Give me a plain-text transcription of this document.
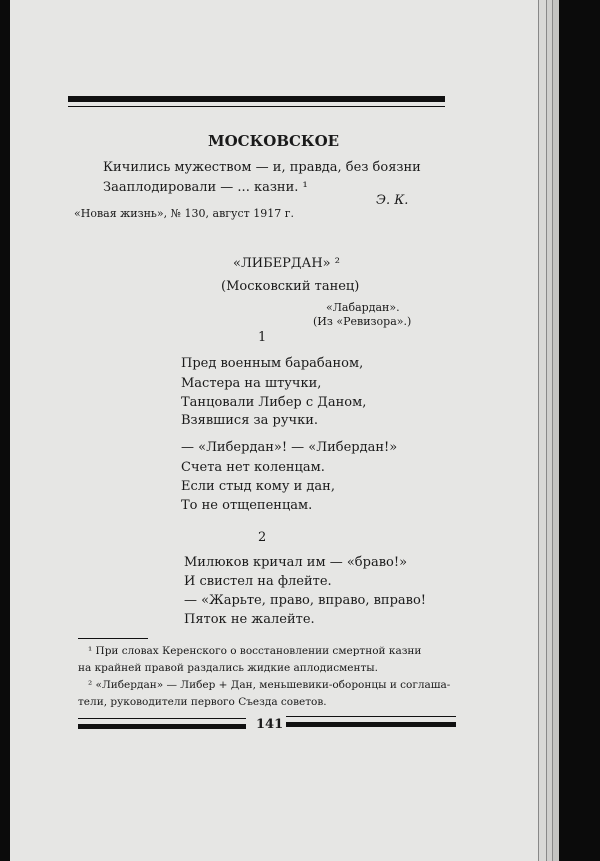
МОСКОВСКОЕ
Кичились мужеством — и, правда, без боязни
Зааплодировали — ... казни. ¹
Э. К.
«Новая жизнь», № 130, август 1917 г.
«ЛИБЕРДАН» ²
(Московский танец)
«Лабардан».
(Из «Ревизора».)
1
Пред военным барабаном,
Мастера на штучки,
Танцовали Либер с Даном,
Взявшися за ручки.
— «Либердан»! — «Либердан!»
Счета нет коленцам.
Если стыд кому и дан,
То не отщепенцам.
2
Милюков кричал им — «браво!»
И свистел на флейте.
— «Жарьте, право, вправо, вправо!
Пяток не жалейте.
¹ При словах Керенского о восстановлении смертной казни
на крайней правой раздались жидкие аплодисменты.
² «Либердан» — Либер + Дан, меньшевики-оборонцы и соглаша-
тели, руководители первого Съезда советов.
141
